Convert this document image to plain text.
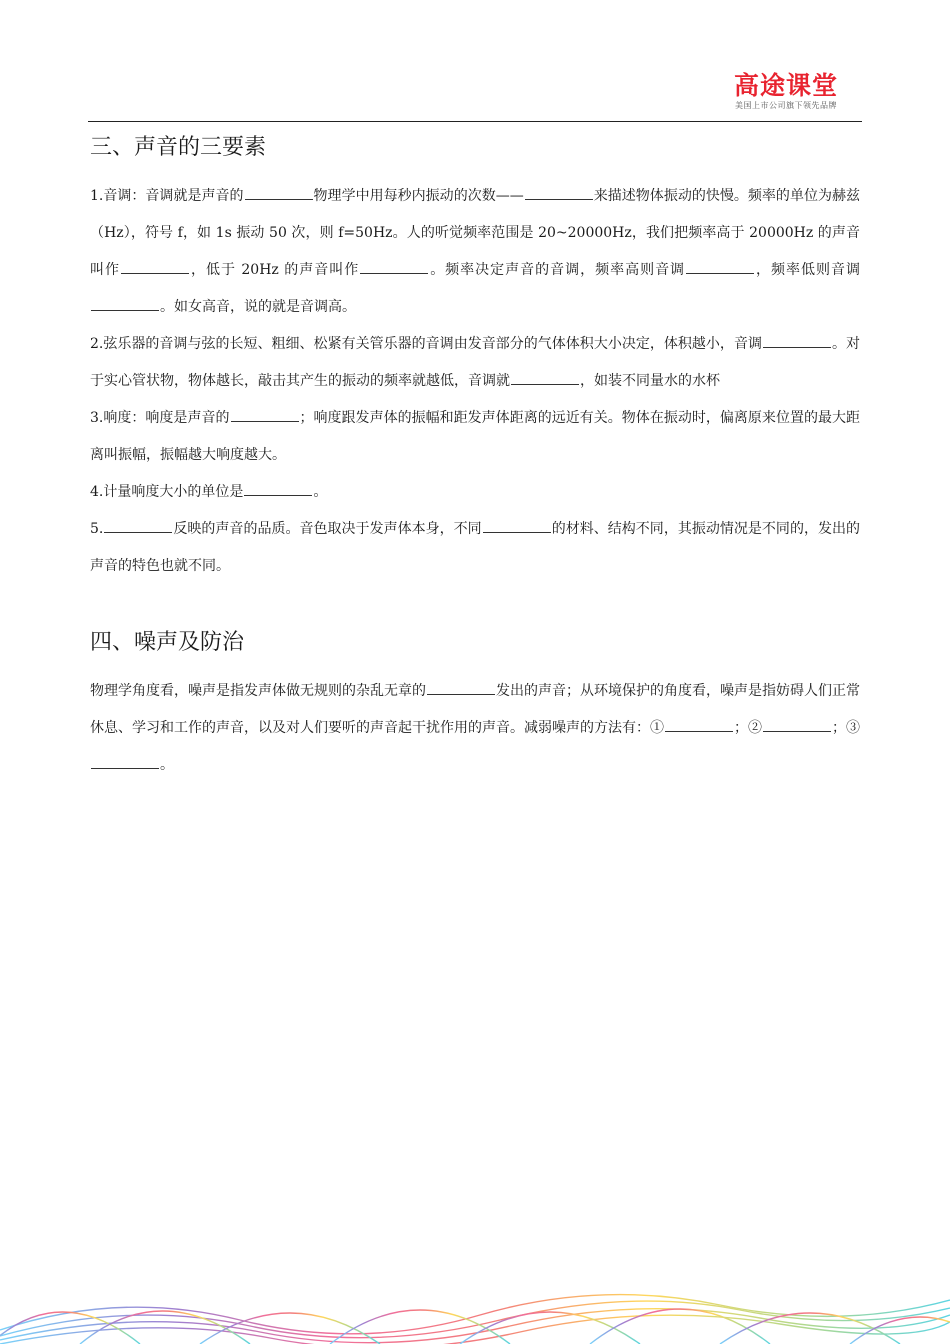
高途课堂
美国上市公司旗下领先品牌
三、声音的三要素

1.音调：音调就是声音的	物理学中用每秒内振动的次数——	来描述物体振动的快慢。频率的单位为赫兹（Hz），符号 f，如 1s 振动 50 次，则 f=50Hz。人的听觉频率范围是 20~20000Hz，我们把频率高于 20000Hz 的声音叫作	，低于 20Hz 的声音叫作	。频率决定声音的音调，频率高则音调	，频率低则音调。如女高音，说的就是音调高。

2.弦乐器的音调与弦的长短、粗细、松紧有关管乐器的音调由发音部分的气体体积大小决定，体积越小，音调	。对于实心管状物，物体越长，敲击其产生的振动的频率就越低，音调就	，如装不同量水的水杯

3.响度：响度是声音的	；响度跟发声体的振幅和距发声体距离的远近有关。物体在振动时，偏离原来位置的最大距离叫振幅，振幅越大响度越大。

4.计量响度大小的单位是	。

5.	反映的声音的品质。音色取决于发声体本身，不同	的材料、结构不同，其振动情况是不同的，发出的声音的特色也就不同。

四、噪声及防治

物理学角度看，噪声是指发声体做无规则的杂乱无章的	发出的声音；从环境保护的角度看，噪声是指妨碍人们正常休息、学习和工作的声音，以及对人们要听的声音起干扰作用的声音。减弱噪声的方法有：①	；②	；③。
